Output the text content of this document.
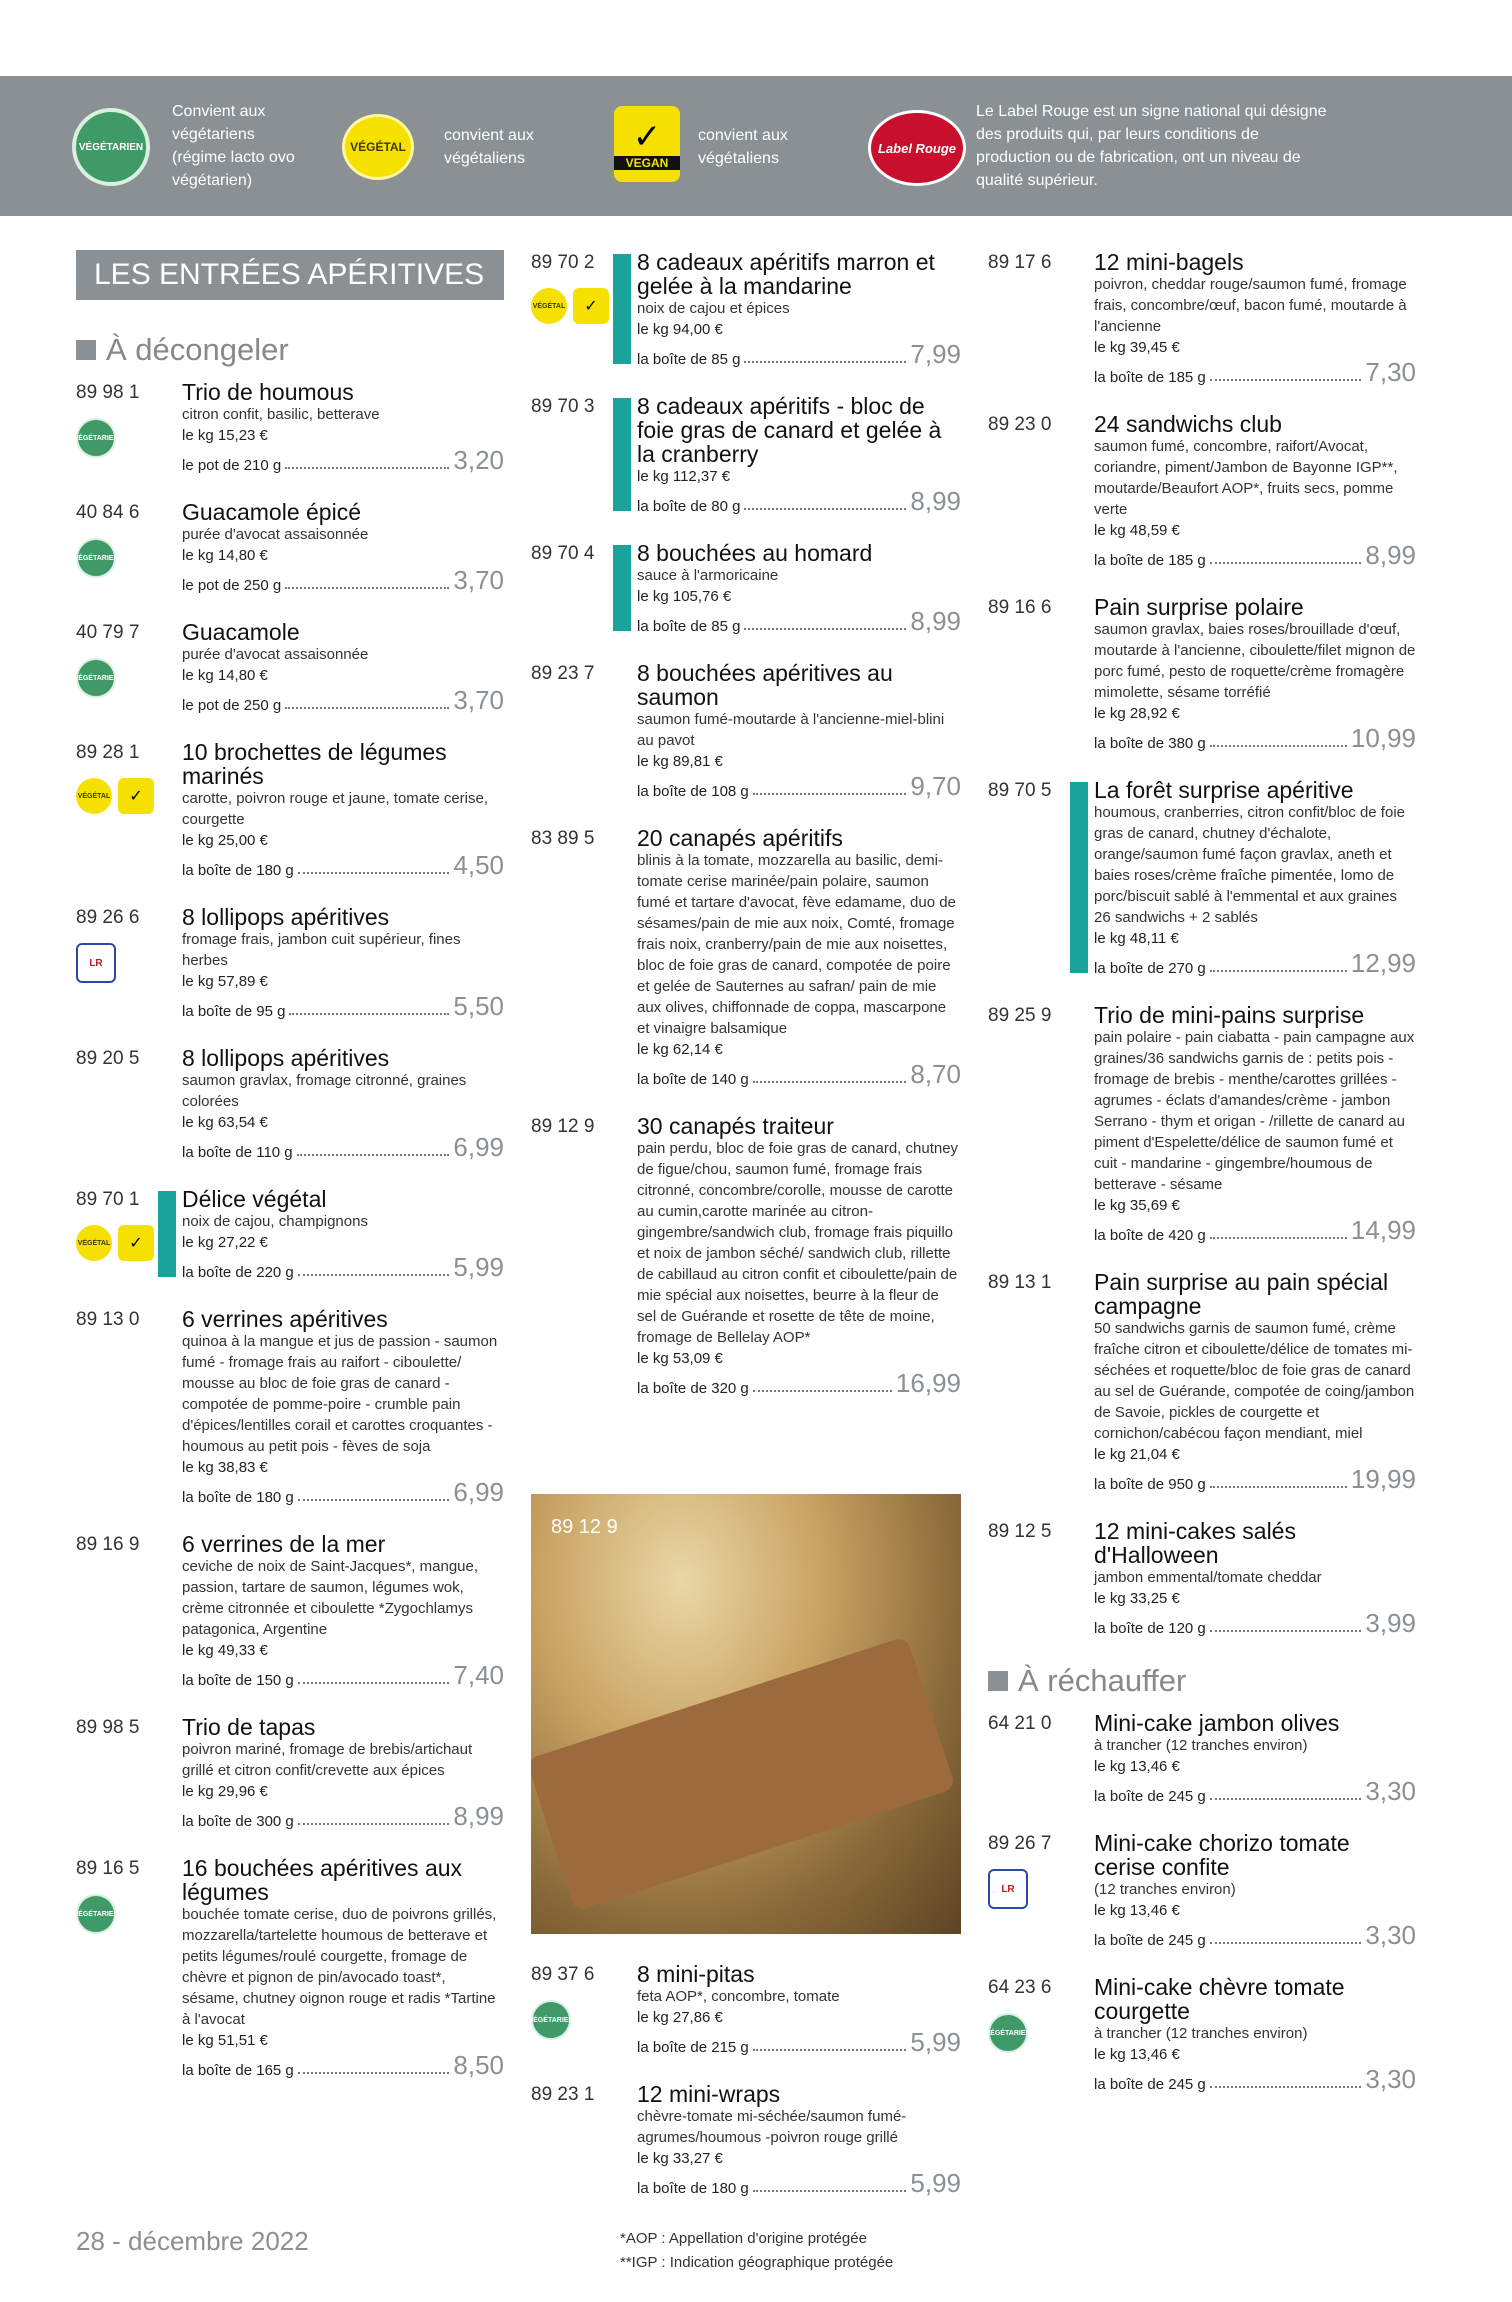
VÉGÉTARIEN
Convient aux végétariens (régime lacto ovo végétarien)
VÉGÉTAL
convient aux végétaliens
✓
VEGAN
convient aux végétaliens
Label Rouge
Le Label Rouge est un signe national qui désigne des produits qui, par leurs conditions de production ou de fabrication, ont un niveau de qualité supérieur.
LES ENTRÉES APÉRITIVES
À décongeler
89 98 1
VÉGÉTARIEN
Trio de houmous
citron confit, basilic, betterave
le kg 15,23 €
le pot de 210 g	3,20
40 84 6
VÉGÉTARIEN
Guacamole épicé
purée d'avocat assaisonnée
le kg 14,80 €
le pot de 250 g	3,70
40 79 7
VÉGÉTARIEN
Guacamole
purée d'avocat assaisonnée
le kg 14,80 €
le pot de 250 g	3,70
89 28 1
VÉGÉTAL	✓
10 brochettes de légumes marinés
carotte, poivron rouge et jaune, tomate cerise, courgette
le kg 25,00 €
la boîte de 180 g	4,50
89 26 6
LR
8 lollipops apéritives
fromage frais, jambon cuit supérieur, fines herbes
le kg 57,89 €
la boîte de 95 g	5,50
89 20 5 8 lollipops apéritives
saumon gravlax, fromage citronné, graines colorées
le kg 63,54 €
la boîte de 110 g	6,99
89 70 1
VÉGÉTAL	✓
Délice végétal
noix de cajou, champignons
le kg 27,22 €
la boîte de 220 g	5,99
89 13 0 6 verrines apéritives
quinoa à la mangue et jus de passion - saumon fumé - fromage frais au raifort - ciboulette/ mousse au bloc de foie gras de canard - compotée de pomme-poire - crumble pain d'épices/lentilles corail et carottes croquantes - houmous au petit pois - fèves de soja
le kg 38,83 €
la boîte de 180 g	6,99
89 16 9 6 verrines de la mer
ceviche de noix de Saint-Jacques*, mangue, passion, tartare de saumon, légumes wok, crème citronnée et ciboulette *Zygochlamys patagonica, Argentine
le kg 49,33 €
la boîte de 150 g	7,40
89 98 5 Trio de tapas
poivron mariné, fromage de brebis/artichaut grillé et citron confit/crevette aux épices
le kg 29,96 €
la boîte de 300 g	8,99
89 16 5
VÉGÉTARIEN
16 bouchées apéritives aux légumes
bouchée tomate cerise, duo de poivrons grillés, mozzarella/tartelette houmous de betterave et petits légumes/roulé courgette, fromage de chèvre et pignon de pin/avocado toast*, sésame, chutney oignon rouge et radis *Tartine à l'avocat
le kg 51,51 €
la boîte de 165 g	8,50
89 70 2
VÉGÉTAL	✓
8 cadeaux apéritifs marron et gelée à la mandarine
noix de cajou et épices
le kg 94,00 €
la boîte de 85 g	7,99
89 70 3 8 cadeaux apéritifs - bloc de foie gras de canard et gelée à la cranberry
le kg 112,37 €
la boîte de 80 g	8,99
89 70 4 8 bouchées au homard
sauce à l'armoricaine
le kg 105,76 €
la boîte de 85 g	8,99
89 23 7 8 bouchées apéritives au saumon
saumon fumé-moutarde à l'ancienne-miel-blini au pavot
le kg 89,81 €
la boîte de 108 g	9,70
83 89 5 20 canapés apéritifs
blinis à la tomate, mozzarella au basilic, demi-tomate cerise marinée/pain polaire, saumon fumé et tartare d'avocat, fève edamame, duo de sésames/pain de mie aux noix, Comté, fromage frais noix, cranberry/pain de mie aux noisettes, bloc de foie gras de canard, compotée de poire et gelée de Sauternes au safran/ pain de mie aux olives, chiffonnade de coppa, mascarpone et vinaigre balsamique
le kg 62,14 €
la boîte de 140 g	8,70
89 12 9 30 canapés traiteur
pain perdu, bloc de foie gras de canard, chutney de figue/chou, saumon fumé, fromage frais citronné, concombre/corolle, mousse de carotte au cumin,carotte marinée au citron-gingembre/sandwich club, fromage frais piquillo et noix de jambon séché/ sandwich club, rillette de cabillaud au citron confit et ciboulette/pain de mie spécial aux noisettes, beurre à la fleur de sel de Guérande et rosette de tête de moine, fromage de Bellelay AOP*
le kg 53,09 €
la boîte de 320 g	16,99
89 12 9
89 37 6
VÉGÉTARIEN
8 mini-pitas
feta AOP*, concombre, tomate
le kg 27,86 €
la boîte de 215 g	5,99
89 23 1 12 mini-wraps
chèvre-tomate mi-séchée/saumon fumé-agrumes/houmous -poivron rouge grillé
le kg 33,27 €
la boîte de 180 g	5,99
89 17 6 12 mini-bagels
poivron, cheddar rouge/saumon fumé, fromage frais, concombre/œuf, bacon fumé, moutarde à l'ancienne
le kg 39,45 €
la boîte de 185 g	7,30
89 23 0 24 sandwichs club
saumon fumé, concombre, raifort/Avocat, coriandre, piment/Jambon de Bayonne IGP**, moutarde/Beaufort AOP*, fruits secs, pomme verte
le kg 48,59 €
la boîte de 185 g	8,99
89 16 6 Pain surprise polaire
saumon gravlax, baies roses/brouillade d'œuf, moutarde à l'ancienne, ciboulette/filet mignon de porc fumé, pesto de roquette/crème fromagère mimolette, sésame torréfié
le kg 28,92 €
la boîte de 380 g	10,99
89 70 5 La forêt surprise apéritive
houmous, cranberries, citron confit/bloc de foie gras de canard, chutney d'échalote, orange/saumon fumé façon gravlax, aneth et baies roses/crème fraîche pimentée, lomo de porc/biscuit sablé à l'emmental et aux graines 26 sandwichs + 2 sablés
le kg 48,11 €
la boîte de 270 g	12,99
89 25 9 Trio de mini-pains surprise
pain polaire - pain ciabatta - pain campagne aux graines/36 sandwichs garnis de : petits pois - fromage de brebis - menthe/carottes grillées - agrumes - éclats d'amandes/crème - jambon Serrano - thym et origan - /rillette de canard au piment d'Espelette/délice de saumon fumé et cuit - mandarine - gingembre/houmous de betterave - sésame
le kg 35,69 €
la boîte de 420 g	14,99
89 13 1 Pain surprise au pain spécial campagne
50 sandwichs garnis de saumon fumé, crème fraîche citron et ciboulette/délice de tomates mi-séchées et roquette/bloc de foie gras de canard au sel de Guérande, compotée de coing/jambon de Savoie, pickles de courgette et cornichon/cabécou façon mendiant, miel
le kg 21,04 €
la boîte de 950 g	19,99
89 12 5 12 mini-cakes salés d'Halloween
jambon emmental/tomate cheddar
le kg 33,25 €
la boîte de 120 g	3,99
À réchauffer
64 21 0 Mini-cake jambon olives
à trancher (12 tranches environ)
le kg 13,46 €
la boîte de 245 g	3,30
89 26 7
LR
Mini-cake chorizo tomate cerise confite
(12 tranches environ)
le kg 13,46 €
la boîte de 245 g	3,30
64 23 6
VÉGÉTARIEN
Mini-cake chèvre tomate courgette
à trancher (12 tranches environ)
le kg 13,46 €
la boîte de 245 g	3,30
28 - décembre 2022	*AOP : Appellation d'origine protégée
**IGP : Indication géographique protégée
